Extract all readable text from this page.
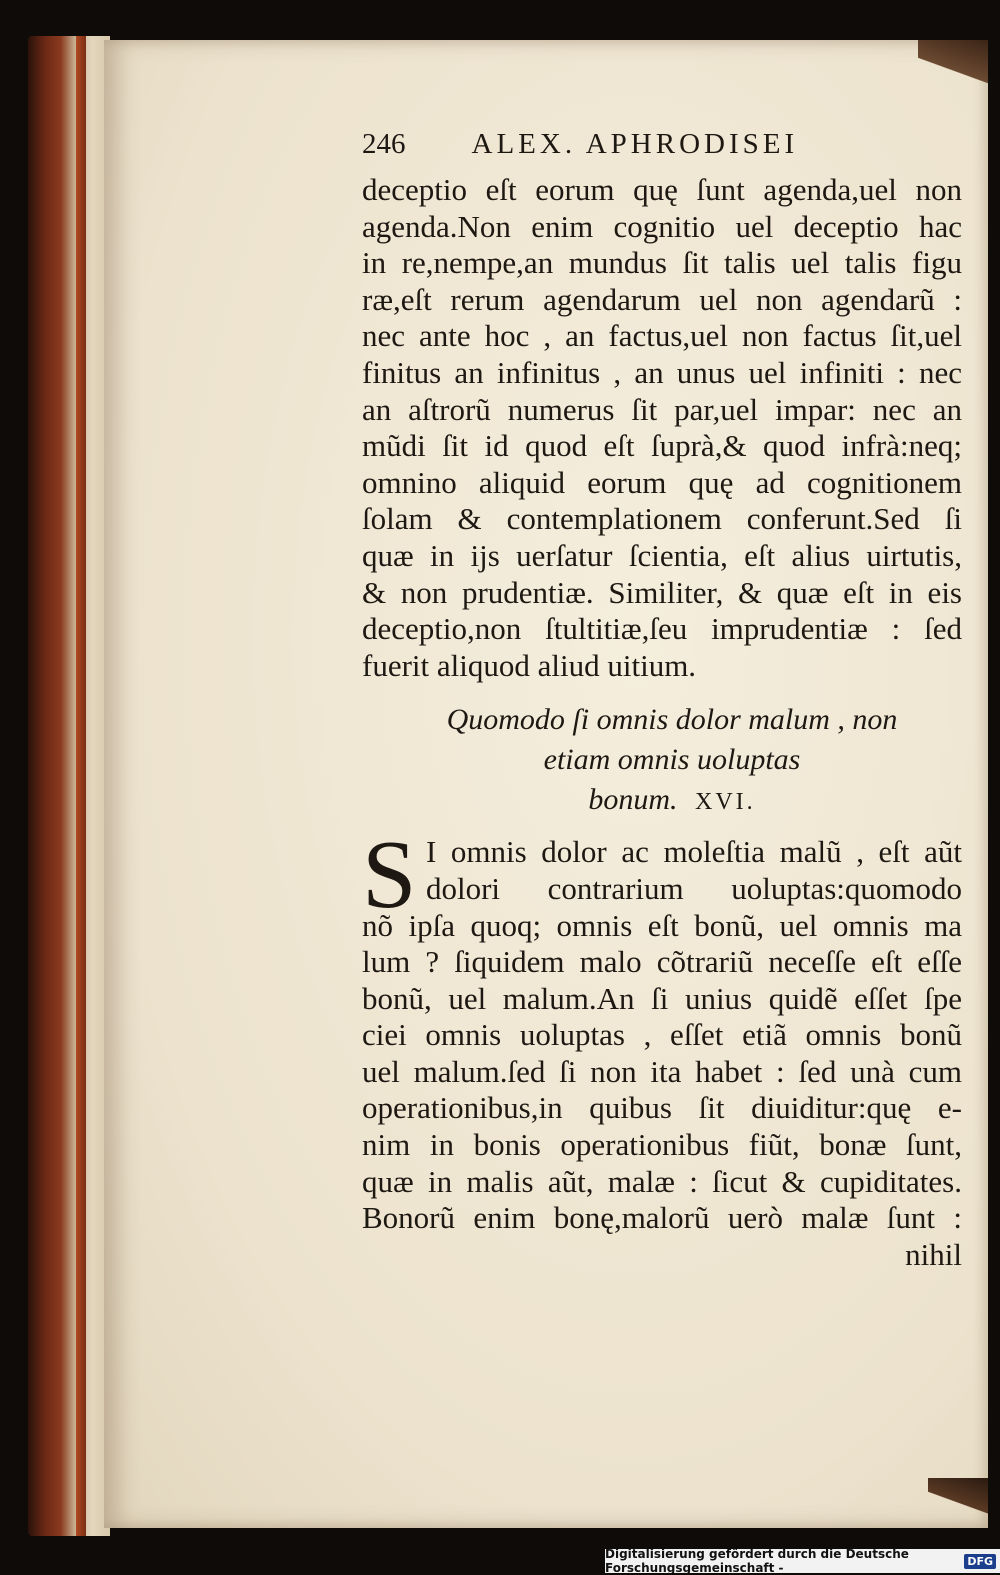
246 ALEX. APHRODISEI
deceptio eſt eorum quę ſunt agenda,uel non
agenda.Non enim cognitio uel deceptio hac
in re,nempe,an mundus ſit talis uel talis figu
ræ,eſt rerum agendarum uel non agendarũ :
nec ante hoc , an factus,uel non factus ſit,uel
finitus an infinitus , an unus uel infiniti : nec
an aſtrorũ numerus ſit par,uel impar: nec an
mũdi ſit id quod eſt ſuprà,& quod infrà:neq;
omnino aliquid eorum quę ad cognitionem
ſolam & contemplationem conferunt.Sed ſi
quæ in ijs uerſatur ſcientia, eſt alius uirtutis,
& non prudentiæ. Similiter, & quæ eſt in eis
deceptio,non ſtultitiæ,ſeu imprudentiæ : ſed
fuerit aliquod aliud uitium.
Quomodo ſi omnis dolor malum , non
etiam omnis uoluptas
bonum. XVI.
S I omnis dolor ac moleſtia malũ , eſt aũt
dolori contrarium uoluptas:quomodo
nõ ipſa quoq; omnis eſt bonũ, uel omnis ma
lum ? ſiquidem malo cõtrariũ neceſſe eſt eſſe
bonũ, uel malum.An ſi unius quidẽ eſſet ſpe
ciei omnis uoluptas , eſſet etiã omnis bonũ
uel malum.ſed ſi non ita habet : ſed unà cum
operationibus,in quibus ſit diuiditur:quę e-
nim in bonis operationibus fiũt, bonæ ſunt,
quæ in malis aũt, malæ : ſicut & cupiditates.
Bonorũ enim bonę,malorũ uerò malæ ſunt :
nihil
Digitalisierung gefördert durch die Deutsche Forschungsgemeinschaft -	DFG
